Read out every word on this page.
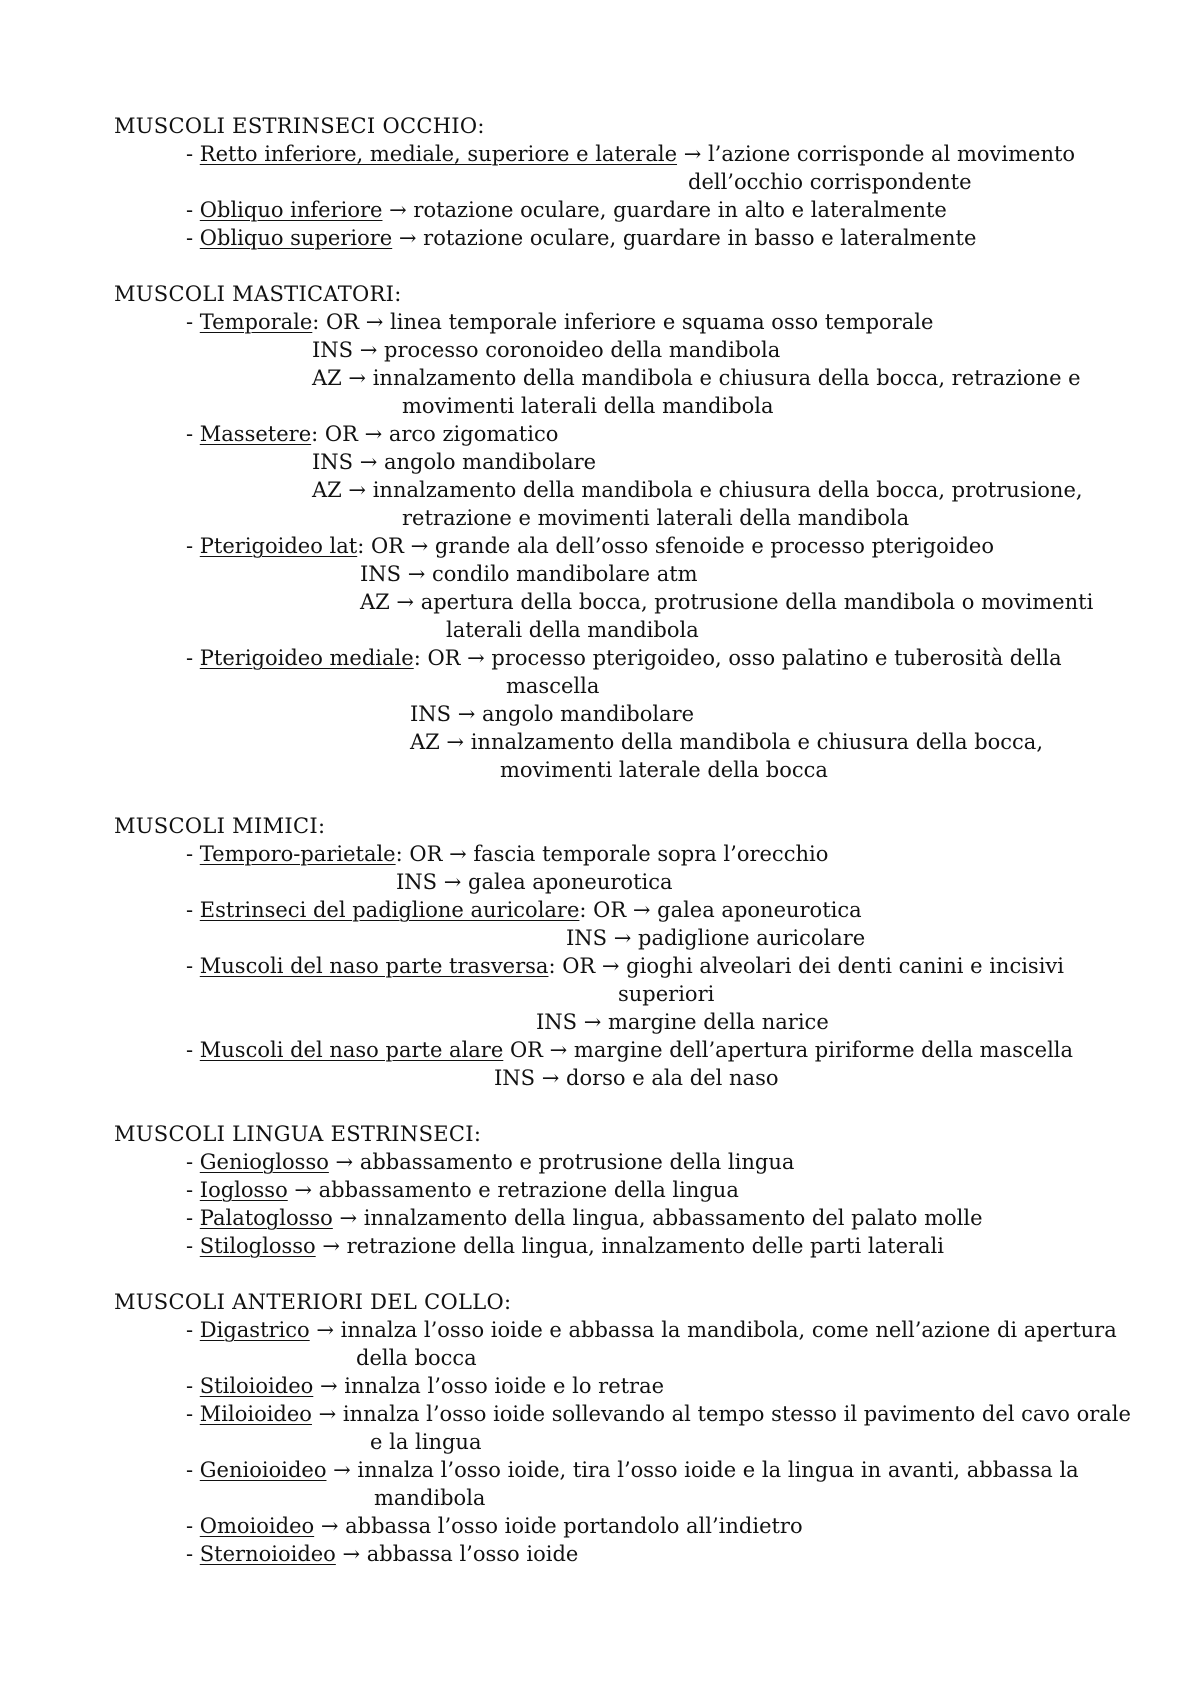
MUSCOLI ESTRINSECI OCCHIO:
- Retto inferiore, mediale, superiore e laterale → l’azione corrisponde al movimento
dell’occhio corrispondente
- Obliquo inferiore → rotazione oculare, guardare in alto e lateralmente
- Obliquo superiore → rotazione oculare, guardare in basso e lateralmente
MUSCOLI MASTICATORI:
- Temporale: OR → linea temporale inferiore e squama osso temporale
INS → processo coronoideo della mandibola
AZ → innalzamento della mandibola e chiusura della bocca, retrazione e
movimenti laterali della mandibola
- Massetere: OR → arco zigomatico
INS → angolo mandibolare
AZ → innalzamento della mandibola e chiusura della bocca, protrusione,
retrazione e movimenti laterali della mandibola
- Pterigoideo lat: OR → grande ala dell’osso sfenoide e processo pterigoideo
INS → condilo mandibolare atm
AZ → apertura della bocca, protrusione della mandibola o movimenti
laterali della mandibola
- Pterigoideo mediale: OR → processo pterigoideo, osso palatino e tuberosità della
mascella
INS → angolo mandibolare
AZ → innalzamento della mandibola e chiusura della bocca,
movimenti laterale della bocca
MUSCOLI MIMICI:
- Temporo-parietale: OR → fascia temporale sopra l’orecchio
INS → galea aponeurotica
- Estrinseci del padiglione auricolare: OR → galea aponeurotica
INS → padiglione auricolare
- Muscoli del naso parte trasversa: OR → gioghi alveolari dei denti canini e incisivi
superiori
INS → margine della narice
- Muscoli del naso parte alare OR → margine dell’apertura piriforme della mascella
INS → dorso e ala del naso
MUSCOLI LINGUA ESTRINSECI:
- Genioglosso → abbassamento e protrusione della lingua
- Ioglosso → abbassamento e retrazione della lingua
- Palatoglosso → innalzamento della lingua, abbassamento del palato molle
- Stiloglosso → retrazione della lingua, innalzamento delle parti laterali
MUSCOLI ANTERIORI DEL COLLO:
- Digastrico → innalza l’osso ioide e abbassa la mandibola, come nell’azione di apertura
della bocca
- Stiloioideo → innalza l’osso ioide e lo retrae
- Miloioideo → innalza l’osso ioide sollevando al tempo stesso il pavimento del cavo orale
e la lingua
- Genioioideo → innalza l’osso ioide, tira l’osso ioide e la lingua in avanti, abbassa la
mandibola
- Omoioideo → abbassa l’osso ioide portandolo all’indietro
- Sternoioideo → abbassa l’osso ioide
